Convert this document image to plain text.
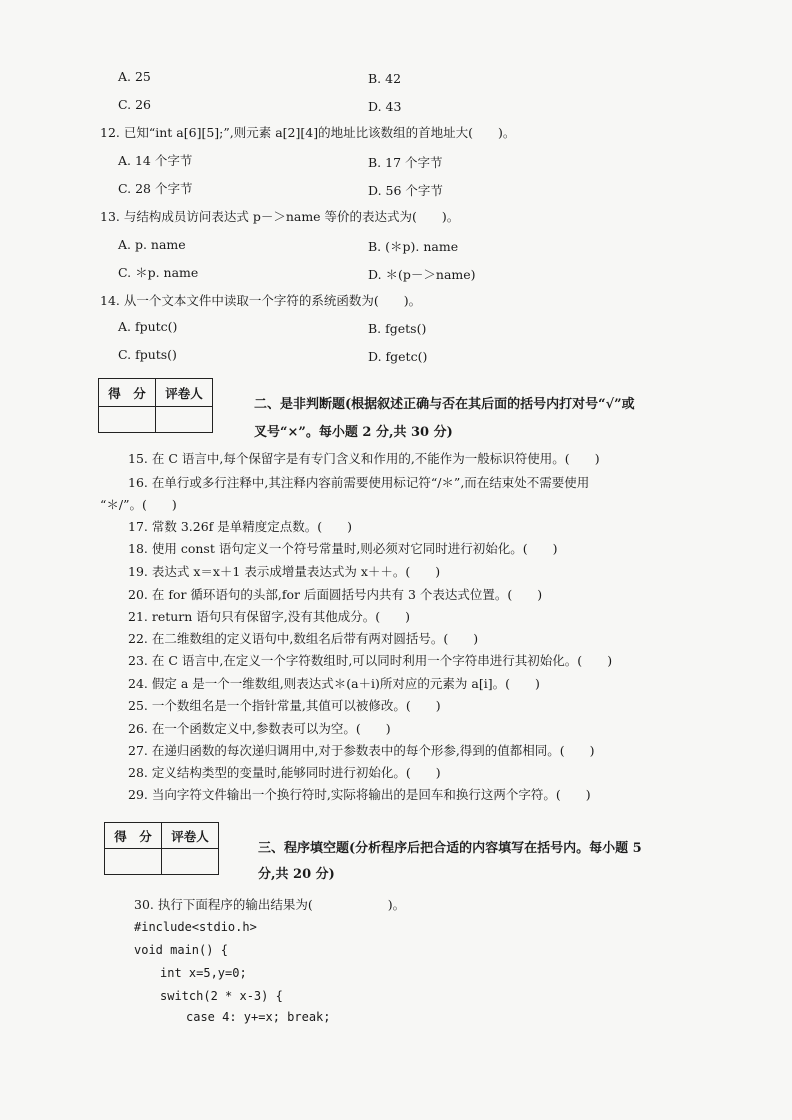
A. 25	B. 42
C. 26	D. 43
12. 已知“int a[6][5];”,则元素 a[2][4]的地址比该数组的首地址大(　　)。
A. 14 个字节	B. 17 个字节
C. 28 个字节	D. 56 个字节
13. 与结构成员访问表达式 p－＞name 等价的表达式为(　　)。
A. p. name	B. (＊p). name
C. ＊p. name	D. ＊(p－＞name)
14. 从一个文本文件中读取一个字符的系统函数为(　　)。
A. fputc()	B. fgets()
C. fputs()	D. fgetc()
得　分	评卷人

二、是非判断题(根据叙述正确与否在其后面的括号内打对号“√”或
叉号“×”。每小题 2 分,共 30 分)
15. 在 C 语言中,每个保留字是有专门含义和作用的,不能作为一般标识符使用。(　　)
16. 在单行或多行注释中,其注释内容前需要使用标记符“/＊”,而在结束处不需要使用
“＊/”。(　　)
17. 常数 3.26f 是单精度定点数。(　　)
18. 使用 const 语句定义一个符号常量时,则必须对它同时进行初始化。(　　)
19. 表达式 x＝x＋1 表示成增量表达式为 x＋＋。(　　)
20. 在 for 循环语句的头部,for 后面圆括号内共有 3 个表达式位置。(　　)
21. return 语句只有保留字,没有其他成分。(　　)
22. 在二维数组的定义语句中,数组名后带有两对圆括号。(　　)
23. 在 C 语言中,在定义一个字符数组时,可以同时利用一个字符串进行其初始化。(　　)
24. 假定 a 是一个一维数组,则表达式＊(a＋i)所对应的元素为 a[i]。(　　)
25. 一个数组名是一个指针常量,其值可以被修改。(　　)
26. 在一个函数定义中,参数表可以为空。(　　)
27. 在递归函数的每次递归调用中,对于参数表中的每个形参,得到的值都相同。(　　)
28. 定义结构类型的变量时,能够同时进行初始化。(　　)
29. 当向字符文件输出一个换行符时,实际将输出的是回车和换行这两个字符。(　　)
得　分	评卷人

三、程序填空题(分析程序后把合适的内容填写在括号内。每小题 5
分,共 20 分)
30. 执行下面程序的输出结果为(　　　　　　)。
#include<stdio.h>
void main() {
int x=5,y=0;
switch(2 * x-3) {
case 4: y+=x; break;
